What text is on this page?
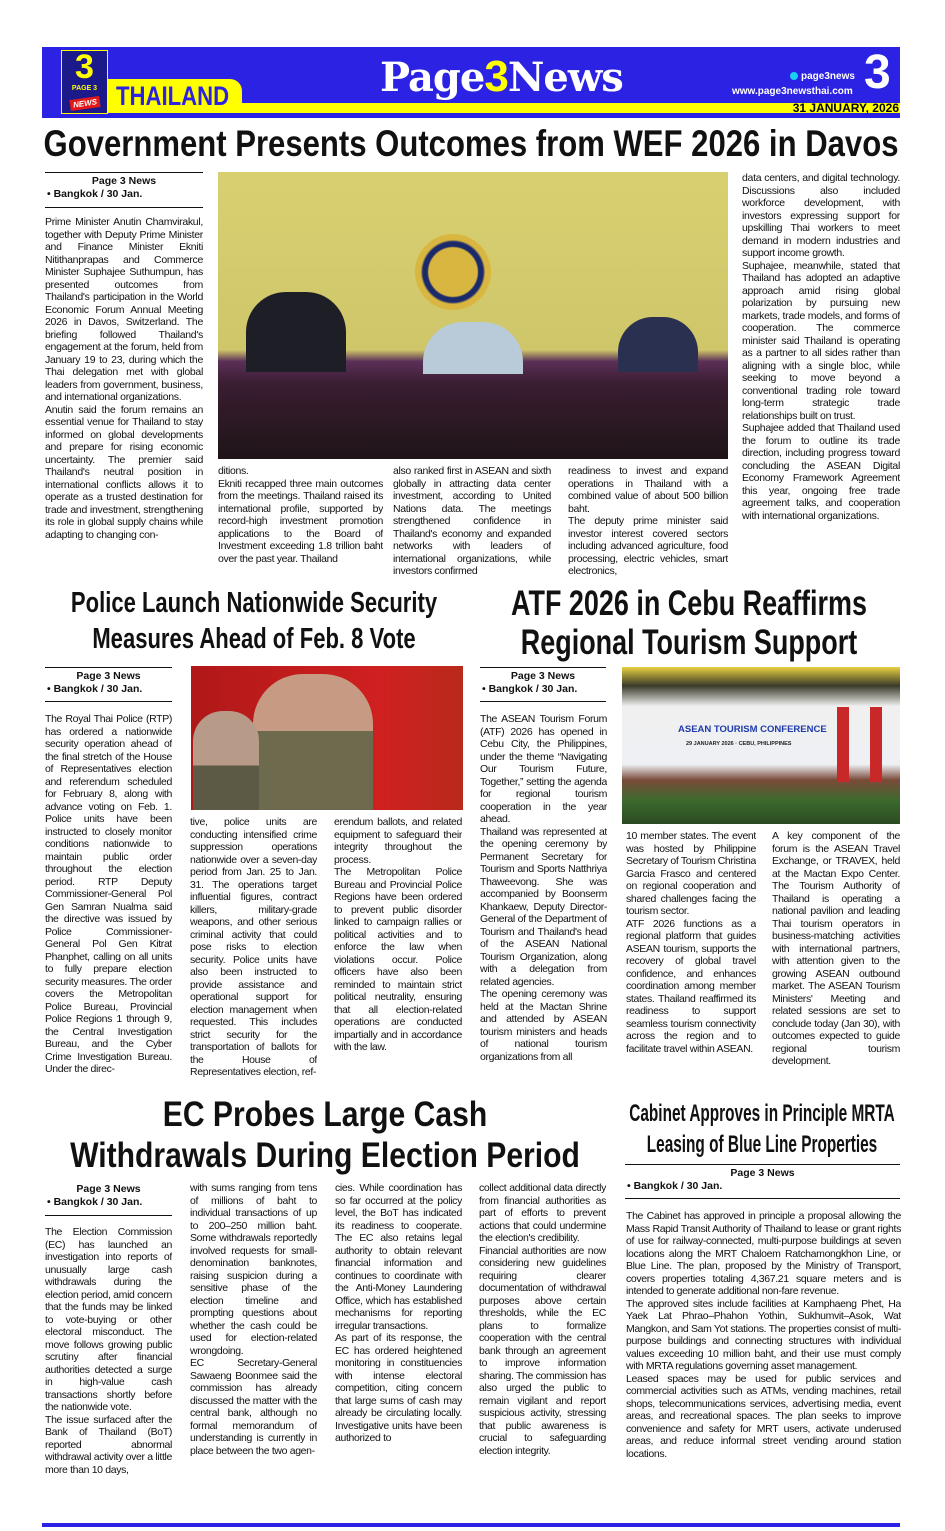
THAILAND
3
PAGE 3
NEWS
Page3News	page3news
www.page3newsthai.com 3
31 JANUARY, 2026
Government Presents Outcomes from WEF 2026 in Davos
Page 3 News
• Bangkok / 30 Jan.

Prime Minister Anutin Chamvirakul, together with Deputy Prime Minister and Finance Minister Ekniti Nitithanprapas and Commerce Minister Suphajee Suthumpun, has presented outcomes from Thailand's participation in the World Economic Forum Annual Meeting 2026 in Davos, Switzerland. The briefing followed Thailand's engagement at the forum, held from January 19 to 23, during which the Thai delegation met with global leaders from government, business, and international organizations.

Anutin said the forum remains an essential venue for Thailand to stay informed on global developments and prepare for rising economic uncertainty. The premier said Thailand's neutral position in international conflicts allows it to operate as a trusted destination for trade and investment, strengthening its role in global supply chains while adapting to changing con-

ditions.

Ekniti recapped three main outcomes from the meetings. Thailand raised its international profile, supported by record-high investment promotion applications to the Board of Investment exceeding 1.8 trillion baht over the past year. Thailand

also ranked first in ASEAN and sixth globally in attracting data center investment, according to United Nations data. The meetings strengthened confidence in Thailand's economy and expanded networks with leaders of international organizations, while investors confirmed

readiness to invest and expand operations in Thailand with a combined value of about 500 billion baht.

The deputy prime minister said investor interest covered sectors including advanced agriculture, food processing, electric vehicles, smart electronics,

data centers, and digital technology. Discussions also included workforce development, with investors expressing support for upskilling Thai workers to meet demand in modern industries and support income growth.

Suphajee, meanwhile, stated that Thailand has adopted an adaptive approach amid rising global polarization by pursuing new markets, trade models, and forms of cooperation. The commerce minister said Thailand is operating as a partner to all sides rather than aligning with a single bloc, while seeking to move beyond a conventional trading role toward long-term strategic trade relationships built on trust.

Suphajee added that Thailand used the forum to outline its trade direction, including progress toward concluding the ASEAN Digital Economy Framework Agreement this year, ongoing free trade agreement talks, and cooperation with international organizations.

Police Launch Nationwide Security
Measures Ahead of Feb. 8 Vote
Page 3 News
• Bangkok / 30 Jan.

The Royal Thai Police (RTP) has ordered a nationwide security operation ahead of the final stretch of the House of Representatives election and referendum scheduled for February 8, along with advance voting on Feb. 1. Police units have been instructed to closely monitor conditions nationwide to maintain public order throughout the election period. RTP Deputy Commissioner-General Pol Gen Samran Nualma said the directive was issued by Police Commissioner-General Pol Gen Kitrat Phanphet, calling on all units to fully prepare election security measures. The order covers the Metropolitan Police Bureau, Provincial Police Regions 1 through 9, the Central Investigation Bureau, and the Cyber Crime Investigation Bureau. Under the direc-

tive, police units are conducting intensified crime suppression operations nationwide over a seven-day period from Jan. 25 to Jan. 31. The operations target influential figures, contract killers, military-grade weapons, and other serious criminal activity that could pose risks to election security. Police units have also been instructed to provide assistance and operational support for election management when requested. This includes strict security for the transportation of ballots for the House of Representatives election, ref-

erendum ballots, and related equipment to safeguard their integrity throughout the process.

The Metropolitan Police Bureau and Provincial Police Regions have been ordered to prevent public disorder linked to campaign rallies or political activities and to enforce the law when violations occur. Police officers have also been reminded to maintain strict political neutrality, ensuring that all election-related operations are conducted impartially and in accordance with the law.

ATF 2026 in Cebu Reaffirms
Regional Tourism Support
Page 3 News
• Bangkok / 30 Jan.

The ASEAN Tourism Forum (ATF) 2026 has opened in Cebu City, the Philippines, under the theme “Navigating Our Tourism Future, Together,” setting the agenda for regional tourism cooperation in the year ahead.

Thailand was represented at the opening ceremony by Permanent Secretary for Tourism and Sports Natthriya Thaweevong. She was accompanied by Boonserm Khankaew, Deputy Director-General of the Department of Tourism and Thailand's head of the ASEAN National Tourism Organization, along with a delegation from related agencies.

The opening ceremony was held at the Mactan Shrine and attended by ASEAN tourism ministers and heads of national tourism organizations from all

ASEAN TOURISM CONFERENCE
29 JANUARY 2026 · CEBU, PHILIPPINES

10 member states. The event was hosted by Philippine Secretary of Tourism Christina Garcia Frasco and centered on regional cooperation and shared challenges facing the tourism sector.

ATF 2026 functions as a regional platform that guides ASEAN tourism, supports the recovery of global travel confidence, and enhances coordination among member states. Thailand reaffirmed its readiness to support seamless tourism connectivity across the region and to facilitate travel within ASEAN.

A key component of the forum is the ASEAN Travel Exchange, or TRAVEX, held at the Mactan Expo Center. The Tourism Authority of Thailand is operating a national pavilion and leading Thai tourism operators in business-matching activities with international partners, with attention given to the growing ASEAN outbound market. The ASEAN Tourism Ministers' Meeting and related sessions are set to conclude today (Jan 30), with outcomes expected to guide regional tourism development.

EC Probes Large Cash
Withdrawals During Election Period
Page 3 News
• Bangkok / 30 Jan.

The Election Commission (EC) has launched an investigation into reports of unusually large cash withdrawals during the election period, amid concern that the funds may be linked to vote-buying or other electoral misconduct. The move follows growing public scrutiny after financial authorities detected a surge in high-value cash transactions shortly before the nationwide vote.

The issue surfaced after the Bank of Thailand (BoT) reported abnormal withdrawal activity over a little more than 10 days,

with sums ranging from tens of millions of baht to individual transactions of up to 200–250 million baht. Some withdrawals reportedly involved requests for small-denomination banknotes, raising suspicion during a sensitive phase of the election timeline and prompting questions about whether the cash could be used for election-related wrongdoing.

EC Secretary-General Sawaeng Boonmee said the commission has already discussed the matter with the central bank, although no formal memorandum of understanding is currently in place between the two agen-

cies. While coordination has so far occurred at the policy level, the BoT has indicated its readiness to cooperate. The EC also retains legal authority to obtain relevant financial information and continues to coordinate with the Anti-Money Laundering Office, which has established mechanisms for reporting irregular transactions.

As part of its response, the EC has ordered heightened monitoring in constituencies with intense electoral competition, citing concern that large sums of cash may already be circulating locally. Investigative units have been authorized to

collect additional data directly from financial authorities as part of efforts to prevent actions that could undermine the election's credibility.

Financial authorities are now considering new guidelines requiring clearer documentation of withdrawal purposes above certain thresholds, while the EC plans to formalize cooperation with the central bank through an agreement to improve information sharing. The commission has also urged the public to remain vigilant and report suspicious activity, stressing that public awareness is crucial to safeguarding election integrity.

Cabinet Approves in Principle MRTA
Leasing of Blue Line Properties
Page 3 News
• Bangkok / 30 Jan.

The Cabinet has approved in principle a proposal allowing the Mass Rapid Transit Authority of Thailand to lease or grant rights of use for railway-connected, multi-purpose buildings at seven locations along the MRT Chaloem Ratchamongkhon Line, or Blue Line. The plan, proposed by the Ministry of Transport, covers properties totaling 4,367.21 square meters and is intended to generate additional non-fare revenue.

The approved sites include facilities at Kamphaeng Phet, Ha Yaek Lat Phrao–Phahon Yothin, Sukhumvit–Asok, Wat Mangkon, and Sam Yot stations. The properties consist of multi-purpose buildings and connecting structures with individual values exceeding 10 million baht, and their use must comply with MRTA regulations governing asset management.

Leased spaces may be used for public services and commercial activities such as ATMs, vending machines, retail shops, telecommunications services, advertising media, event areas, and recreational spaces. The plan seeks to improve convenience and safety for MRT users, activate underused areas, and reduce informal street vending around station locations.
